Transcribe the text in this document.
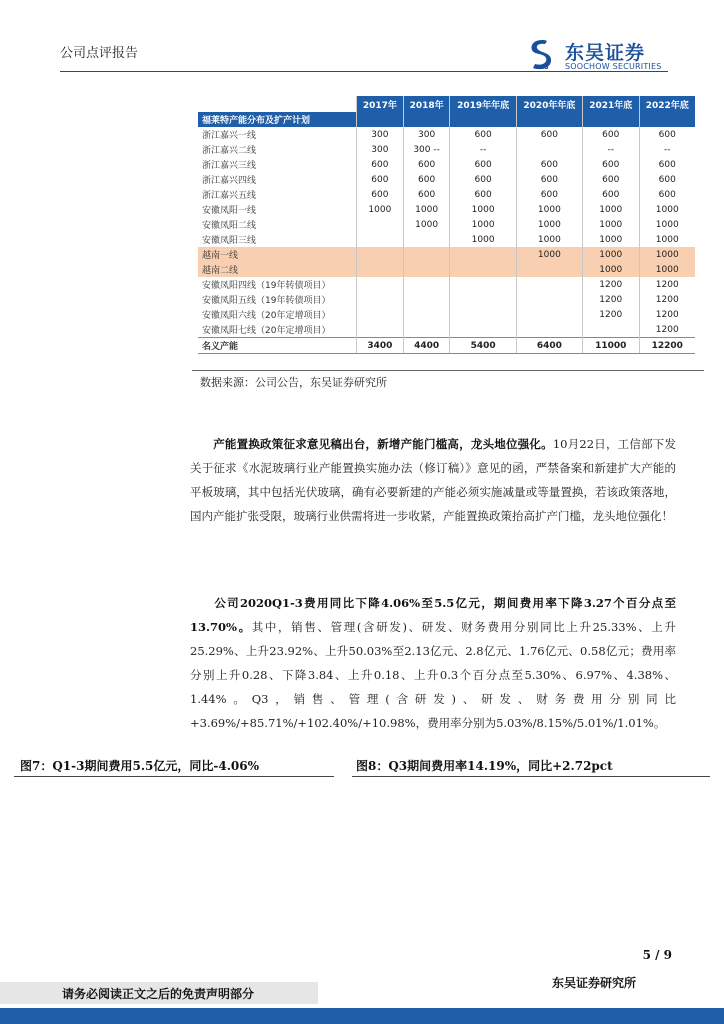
公司点评报告
SCS
东吴证券
SOOCHOW SECURITIES
	2017年	2018年	2019年年底	2020年年底	2021年底	2022年底
福莱特产能分布及扩产计划						
浙江嘉兴一线	300	300	600	600	600	600
浙江嘉兴二线	300	300 --	--		--	--
浙江嘉兴三线	600	600	600	600	600	600
浙江嘉兴四线	600	600	600	600	600	600
浙江嘉兴五线	600	600	600	600	600	600
安徽凤阳一线	1000	1000	1000	1000	1000	1000
安徽凤阳二线		1000	1000	1000	1000	1000
安徽凤阳三线			1000	1000	1000	1000
越南一线				1000	1000	1000
越南二线					1000	1000
安徽凤阳四线（19年转债项目）					1200	1200
安徽凤阳五线（19年转债项目）					1200	1200
安徽凤阳六线（20年定增项目）					1200	1200
安徽凤阳七线（20年定增项目）						1200
名义产能	3400	4400	5400	6400	11000	12200
数据来源：公司公告，东吴证券研究所
  产能置换政策征求意见稿出台，新增产能门槛高，龙头地位强化。10月22日，工信部下发关于征求《水泥玻璃行业产能置换实施办法（修订稿）》意见的函，严禁备案和新建扩大产能的平板玻璃，其中包括光伏玻璃，确有必要新建的产能必须实施减量或等量置换，若该政策落地，国内产能扩张受限，玻璃行业供需将进一步收紧，产能置换政策抬高扩产门槛，龙头地位强化！
  公司2020Q1-3费用同比下降4.06%至5.5亿元，期间费用率下降3.27个百分点至13.70%。其中，销售、管理(含研发)、研发、财务费用分别同比上升25.33%、上升25.29%、上升23.92%、上升50.03%至2.13亿元、2.8亿元、1.76亿元、0.58亿元；费用率分别上升0.28、下降3.84、上升0.18、上升0.3个百分点至5.30%、6.97%、4.38%、1.44%。Q3，销售、管理(含研发)、研发、财务费用分别同比+3.69%/+85.71%/+102.40%/+10.98%，费用率分别为5.03%/8.15%/5.01%/1.01%。
图7：Q1-3期间费用5.5亿元，同比-4.06%	图8：Q3期间费用率14.19%，同比+2.72pct
5 / 9
请务必阅读正文之后的免责声明部分
东吴证券研究所
